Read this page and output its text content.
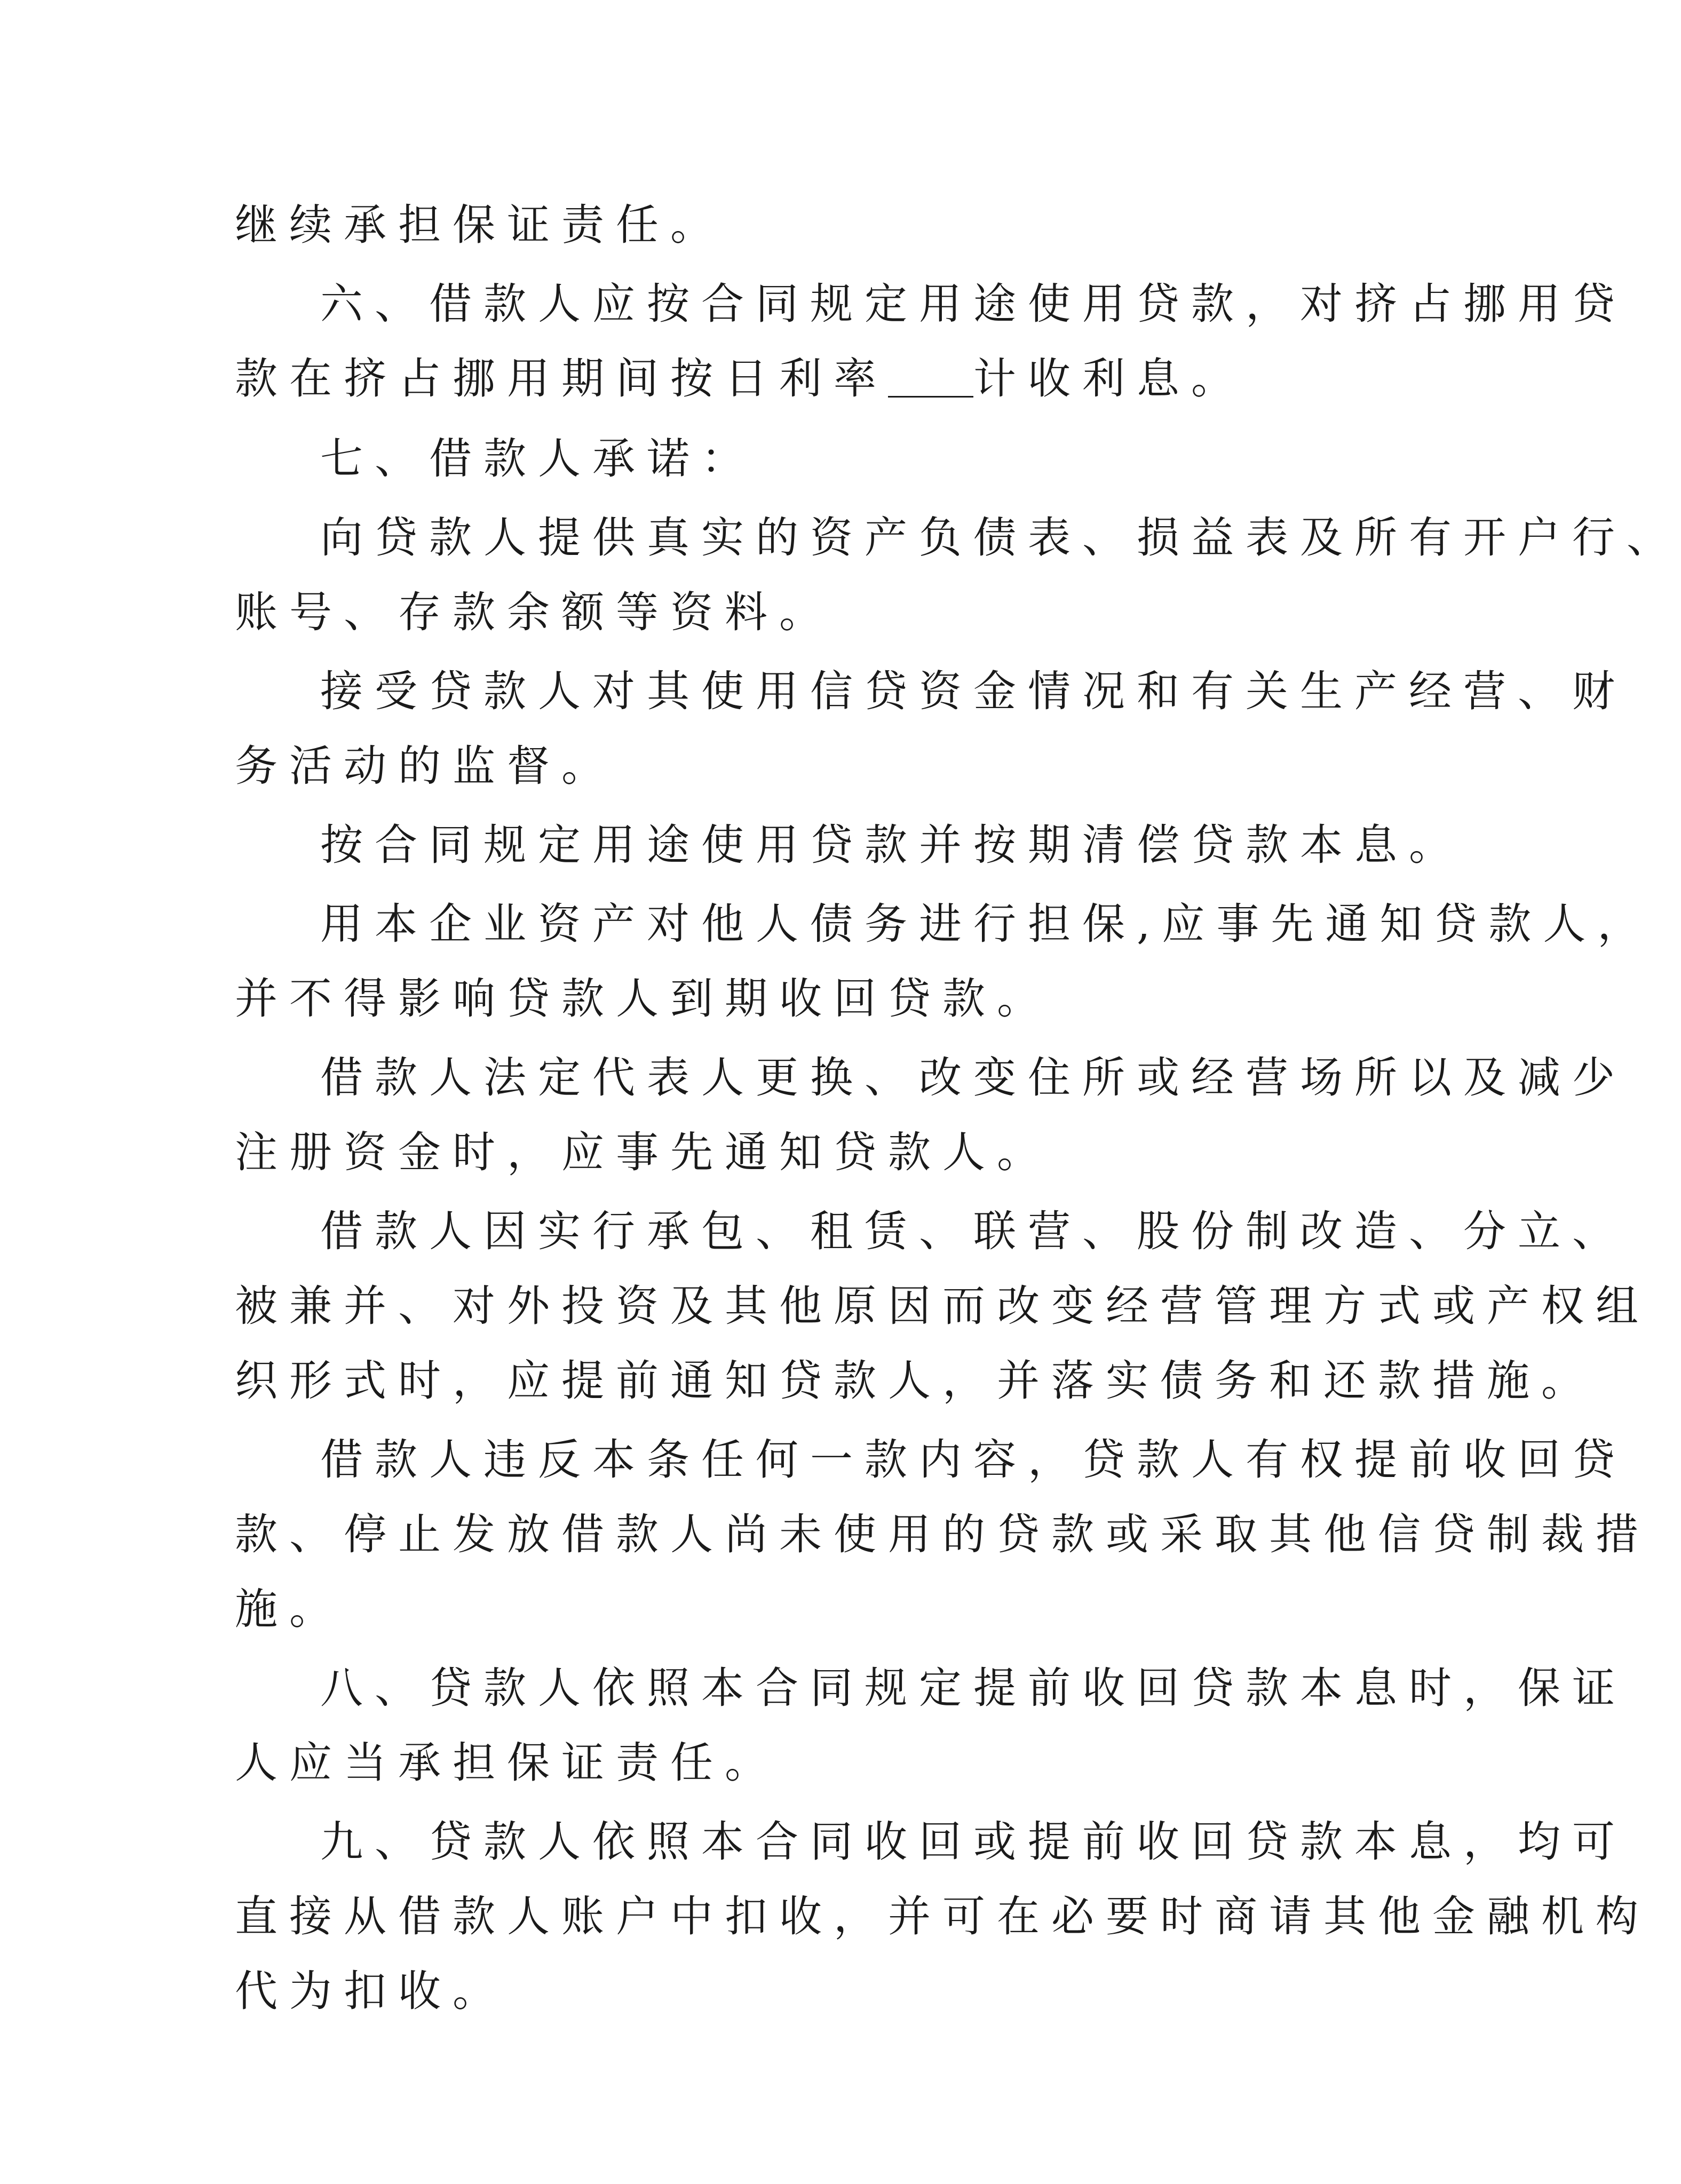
继续承担保证责任。
六、借款人应按合同规定用途使用贷款，对挤占挪用贷
款在挤占挪用期间按日利率 计收利息。
七、借款人承诺：
向贷款人提供真实的资产负债表、损益表及所有开户行、
账号、存款余额等资料。
接受贷款人对其使用信贷资金情况和有关生产经营、财
务活动的监督。
按合同规定用途使用贷款并按期清偿贷款本息。
用本企业资产对他人债务进行担保,应事先通知贷款人，
并不得影响贷款人到期收回贷款。
借款人法定代表人更换、改变住所或经营场所以及减少
注册资金时，应事先通知贷款人。
借款人因实行承包、租赁、联营、股份制改造、分立、
被兼并、对外投资及其他原因而改变经营管理方式或产权组
织形式时，应提前通知贷款人，并落实债务和还款措施。
借款人违反本条任何一款内容，贷款人有权提前收回贷
款、停止发放借款人尚未使用的贷款或采取其他信贷制裁措
施。
八、贷款人依照本合同规定提前收回贷款本息时，保证
人应当承担保证责任。
九、贷款人依照本合同收回或提前收回贷款本息，均可
直接从借款人账户中扣收，并可在必要时商请其他金融机构
代为扣收。
